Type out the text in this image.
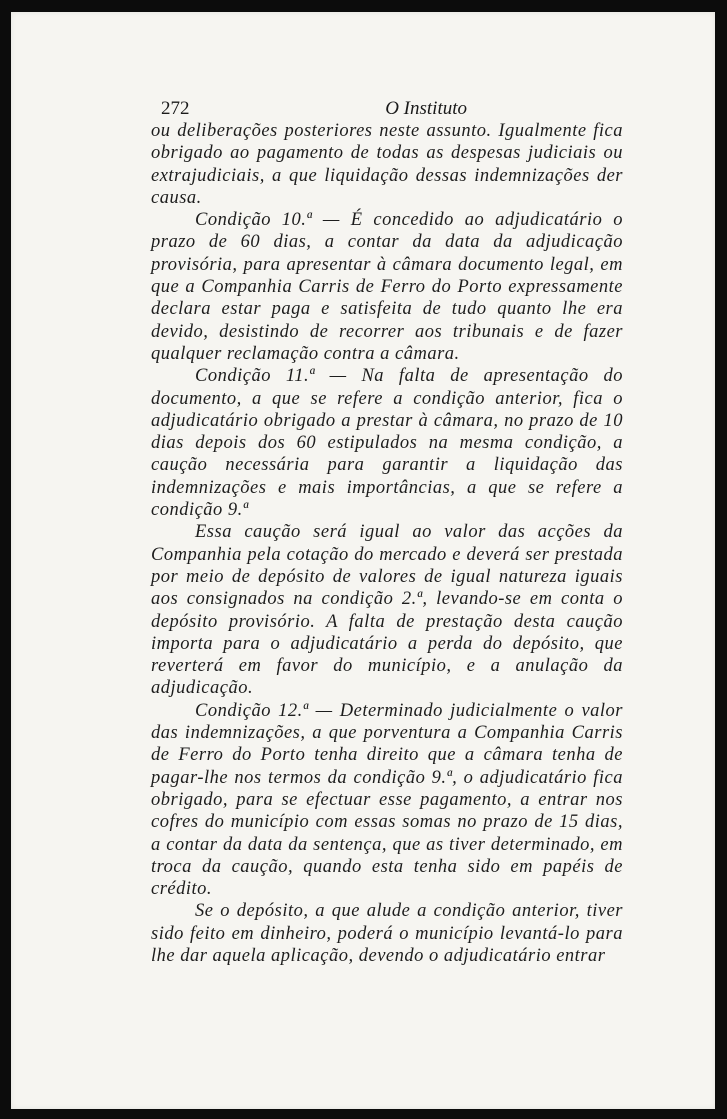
272	O Instituto

ou deliberações posteriores neste assunto. Igualmente fica obrigado ao pagamento de todas as despesas judiciais ou extrajudiciais, a que liquidação dessas indemnizações der causa.

Condição 10.ª — É concedido ao adjudicatário o prazo de 60 dias, a contar da data da adjudicação provisória, para apresentar à câmara documento legal, em que a Companhia Carris de Ferro do Porto expressamente declara estar paga e satisfeita de tudo quanto lhe era devido, desistindo de recorrer aos tribunais e de fazer qualquer reclamação contra a câmara.

Condição 11.ª — Na falta de apresentação do documento, a que se refere a condição anterior, fica o adjudicatário obrigado a prestar à câmara, no prazo de 10 dias depois dos 60 estipulados na mesma condição, a caução necessária para garantir a liquidação das indemnizações e mais importâncias, a que se refere a condição 9.ª

Essa caução será igual ao valor das acções da Companhia pela cotação do mercado e deverá ser prestada por meio de depósito de valores de igual natureza iguais aos consignados na condição 2.ª, levando-se em conta o depósito provisório. A falta de prestação desta caução importa para o adjudicatário a perda do depósito, que reverterá em favor do município, e a anulação da adjudicação.

Condição 12.ª — Determinado judicialmente o valor das indemnizações, a que porventura a Companhia Carris de Ferro do Porto tenha direito que a câmara tenha de pagar-lhe nos termos da condição 9.ª, o adjudicatário fica obrigado, para se efectuar esse pagamento, a entrar nos cofres do município com essas somas no prazo de 15 dias, a contar da data da sentença, que as tiver determinado, em troca da caução, quando esta tenha sido em papéis de crédito.

Se o depósito, a que alude a condição anterior, tiver sido feito em dinheiro, poderá o município levantá-lo para lhe dar aquela aplicação, devendo o adjudicatário entrar
